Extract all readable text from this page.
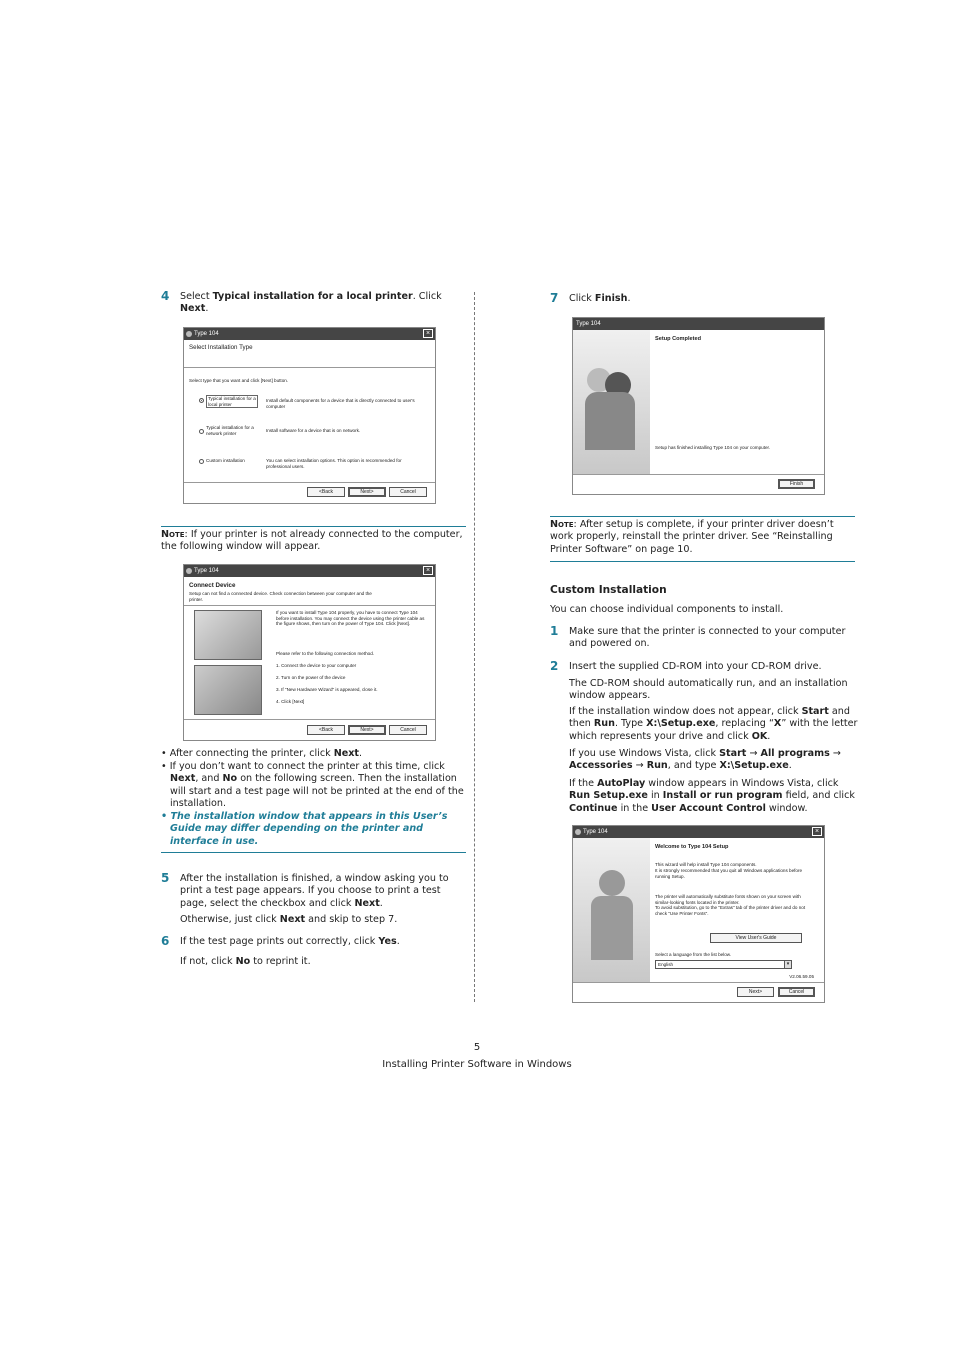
4 Select Typical installation for a local printer. Click Next.
Type 104	×
Select Installation Type
Select type that you want and click [Next] button.
Typical installation for a local printer
Install default components for a device that is directly connected to user's computer
Typical installation for a network printer
Install software for a device that is on network.
Custom installation	You can select installation options. This option is recommended for professional users.
<Back	Next>	Cancel
Note: If your printer is not already connected to the computer, the following window will appear.
Type 104	×
Connect Device
Setup can not find a connected device. Check connection between your computer and the printer.
If you want to install Type 104 properly, you have to connect Type 104 before installation. You may connect the device using the printer cable as the figure shows, then turn on the power of Type 104. Click [Next].
Please refer to the following connection method.
1. Connect the device to your computer
2. Turn on the power of the device
3. If "New Hardware Wizard" is appeared, close it.
4. Click [Next]
<Back	Next>	Cancel
• After connecting the printer, click Next.
• If you don’t want to connect the printer at this time, click Next, and No on the following screen. Then the installation will start and a test page will not be printed at the end of the installation.
• The installation window that appears in this User’s Guide may differ depending on the printer and interface in use.
5 After the installation is finished, a window asking you to print a test page appears. If you choose to print a test page, select the checkbox and click Next.
Otherwise, just click Next and skip to step 7.
6 If the test page prints out correctly, click Yes.
If not, click No to reprint it.
7 Click Finish.
Type 104
Setup Completed
Setup has finished installing Type 104 on your computer.
Finish
Note: After setup is complete, if your printer driver doesn’t work properly, reinstall the printer driver. See “Reinstalling Printer Software” on page 10.
Custom Installation
You can choose individual components to install.
1 Make sure that the printer is connected to your computer and powered on.
2 Insert the supplied CD-ROM into your CD-ROM drive.
The CD-ROM should automatically run, and an installation window appears.
If the installation window does not appear, click Start and then Run. Type X:\Setup.exe, replacing “X” with the letter which represents your drive and click OK.
If you use Windows Vista, click Start → All programs → Accessories → Run, and type X:\Setup.exe.
If the AutoPlay window appears in Windows Vista, click Run Setup.exe in Install or run program field, and click Continue in the User Account Control window.
Type 104	×
Welcome to Type 104 Setup
This wizard will help install Type 104 components.
It is strongly recommended that you quit all Windows applications before running Setup.
The printer will automatically substitute fonts shown on your screen with similar-looking fonts located in the printer.
To avoid substitution, go to the "Extras" tab of the printer driver and do not check "Use Printer Fonts".
View User's Guide
Select a language from the list below.
English	▾
V2.06.59.05
Next>	Cancel
5
Installing Printer Software in Windows
